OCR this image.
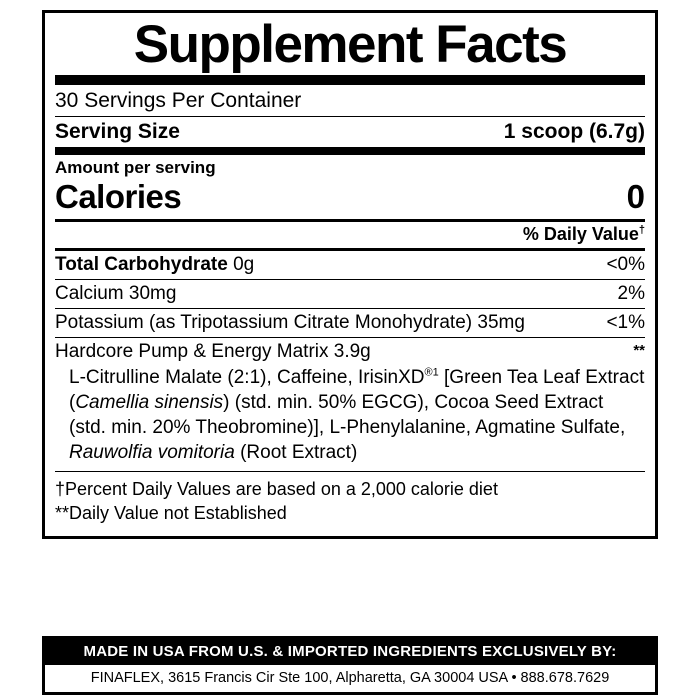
Supplement Facts
30 Servings Per Container
Serving Size	1 scoop (6.7g)
Amount per serving
Calories	0
% Daily Value†
Total Carbohydrate 0g	<0%
Calcium 30mg	2%
Potassium (as Tripotassium Citrate Monohydrate) 35mg	<1%
Hardcore Pump & Energy Matrix 3.9g	**
L-Citrulline Malate (2:1), Caffeine, IrisinXD$^{®1}$ [Green Tea Leaf Extract (Camellia sinensis) (std. min. 50% EGCG), Cocoa Seed Extract (std. min. 20% Theobromine)], L-Phenylalanine, Agmatine Sulfate, Rauwolfia vomitoria (Root Extract)
†Percent Daily Values are based on a 2,000 calorie diet
**Daily Value not Established
MADE IN USA FROM U.S. & IMPORTED INGREDIENTS EXCLUSIVELY BY:
FINAFLEX, 3615 Francis Cir Ste 100, Alpharetta, GA 30004 USA • 888.678.7629
